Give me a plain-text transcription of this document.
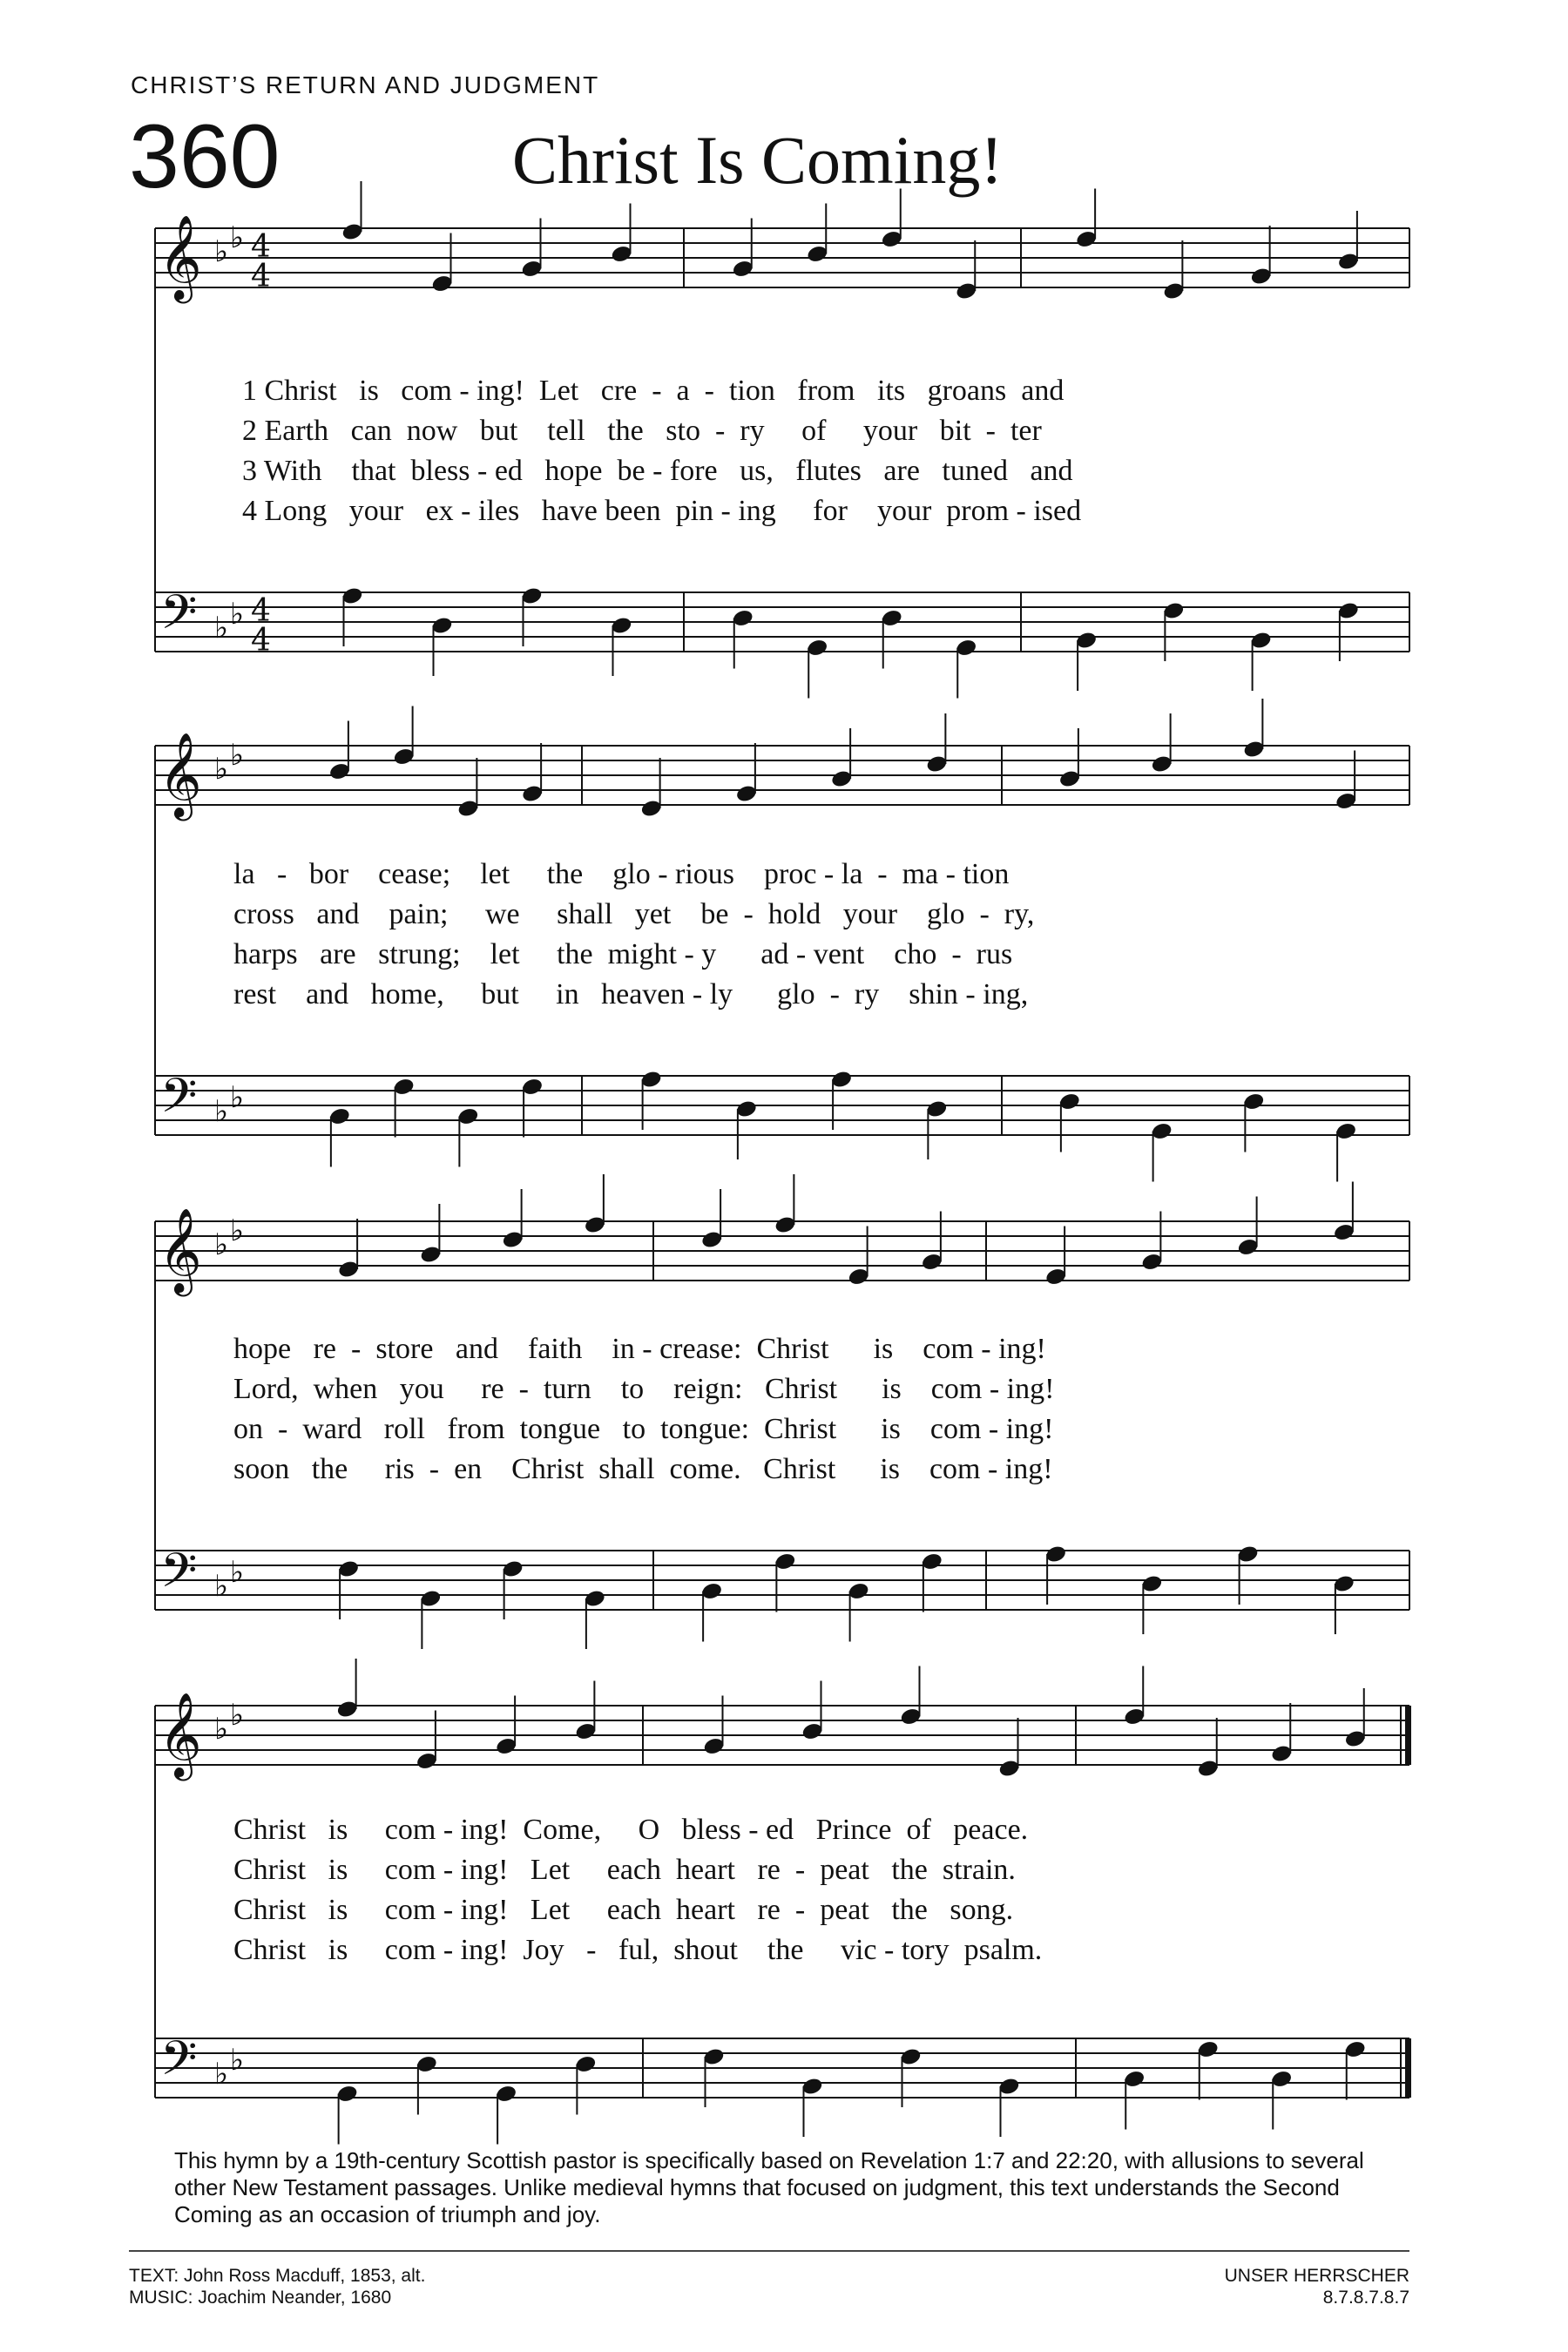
CHRIST’S RETURN AND JUDGMENT
360	Christ Is Coming!
𝄞 ♭ ♭ 4
4
𝄢 ♭ ♭ 4
4
𝄞 ♭ ♭
𝄢 ♭ ♭
𝄞 ♭ ♭
𝄢 ♭ ♭
𝄞 ♭ ♭
𝄢 ♭ ♭
1 Christ   is   com - ing!  Let   cre  -  a  -  tion   from   its   groans  and
2 Earth   can  now   but    tell   the   sto  -  ry     of     your   bit  -  ter
3 With    that  bless - ed   hope  be - fore   us,   flutes   are   tuned   and
4 Long   your   ex - iles   have been  pin - ing     for    your  prom - ised
la   -   bor    cease;    let     the    glo - rious    proc - la  -  ma - tion
cross   and    pain;     we     shall   yet    be  -  hold   your    glo  -  ry,
harps   are   strung;    let     the  might - y      ad - vent    cho  -  rus
rest    and   home,     but     in   heaven - ly      glo  -  ry    shin - ing,
hope   re  -  store   and    faith    in - crease:  Christ      is    com - ing!
Lord,  when   you     re  -  turn    to    reign:   Christ      is    com - ing!
on  -  ward   roll   from  tongue   to  tongue:  Christ      is    com - ing!
soon   the     ris  -  en    Christ  shall  come.   Christ      is    com - ing!
Christ   is     com - ing!  Come,     O   bless - ed   Prince  of   peace.
Christ   is     com - ing!   Let     each  heart   re  -  peat   the  strain.
Christ   is     com - ing!   Let     each  heart   re  -  peat   the   song.
Christ   is     com - ing!  Joy   -   ful,  shout    the     vic - tory  psalm.
This hymn by a 19th-century Scottish pastor is specifically based on Revelation 1:7 and 22:20, with allusions to several other New Testament passages. Unlike medieval hymns that focused on judgment, this text understands the Second Coming as an occasion of triumph and joy.
TEXT: John Ross Macduff, 1853, alt.
MUSIC: Joachim Neander, 1680
UNSER HERRSCHER
8.7.8.7.8.7
